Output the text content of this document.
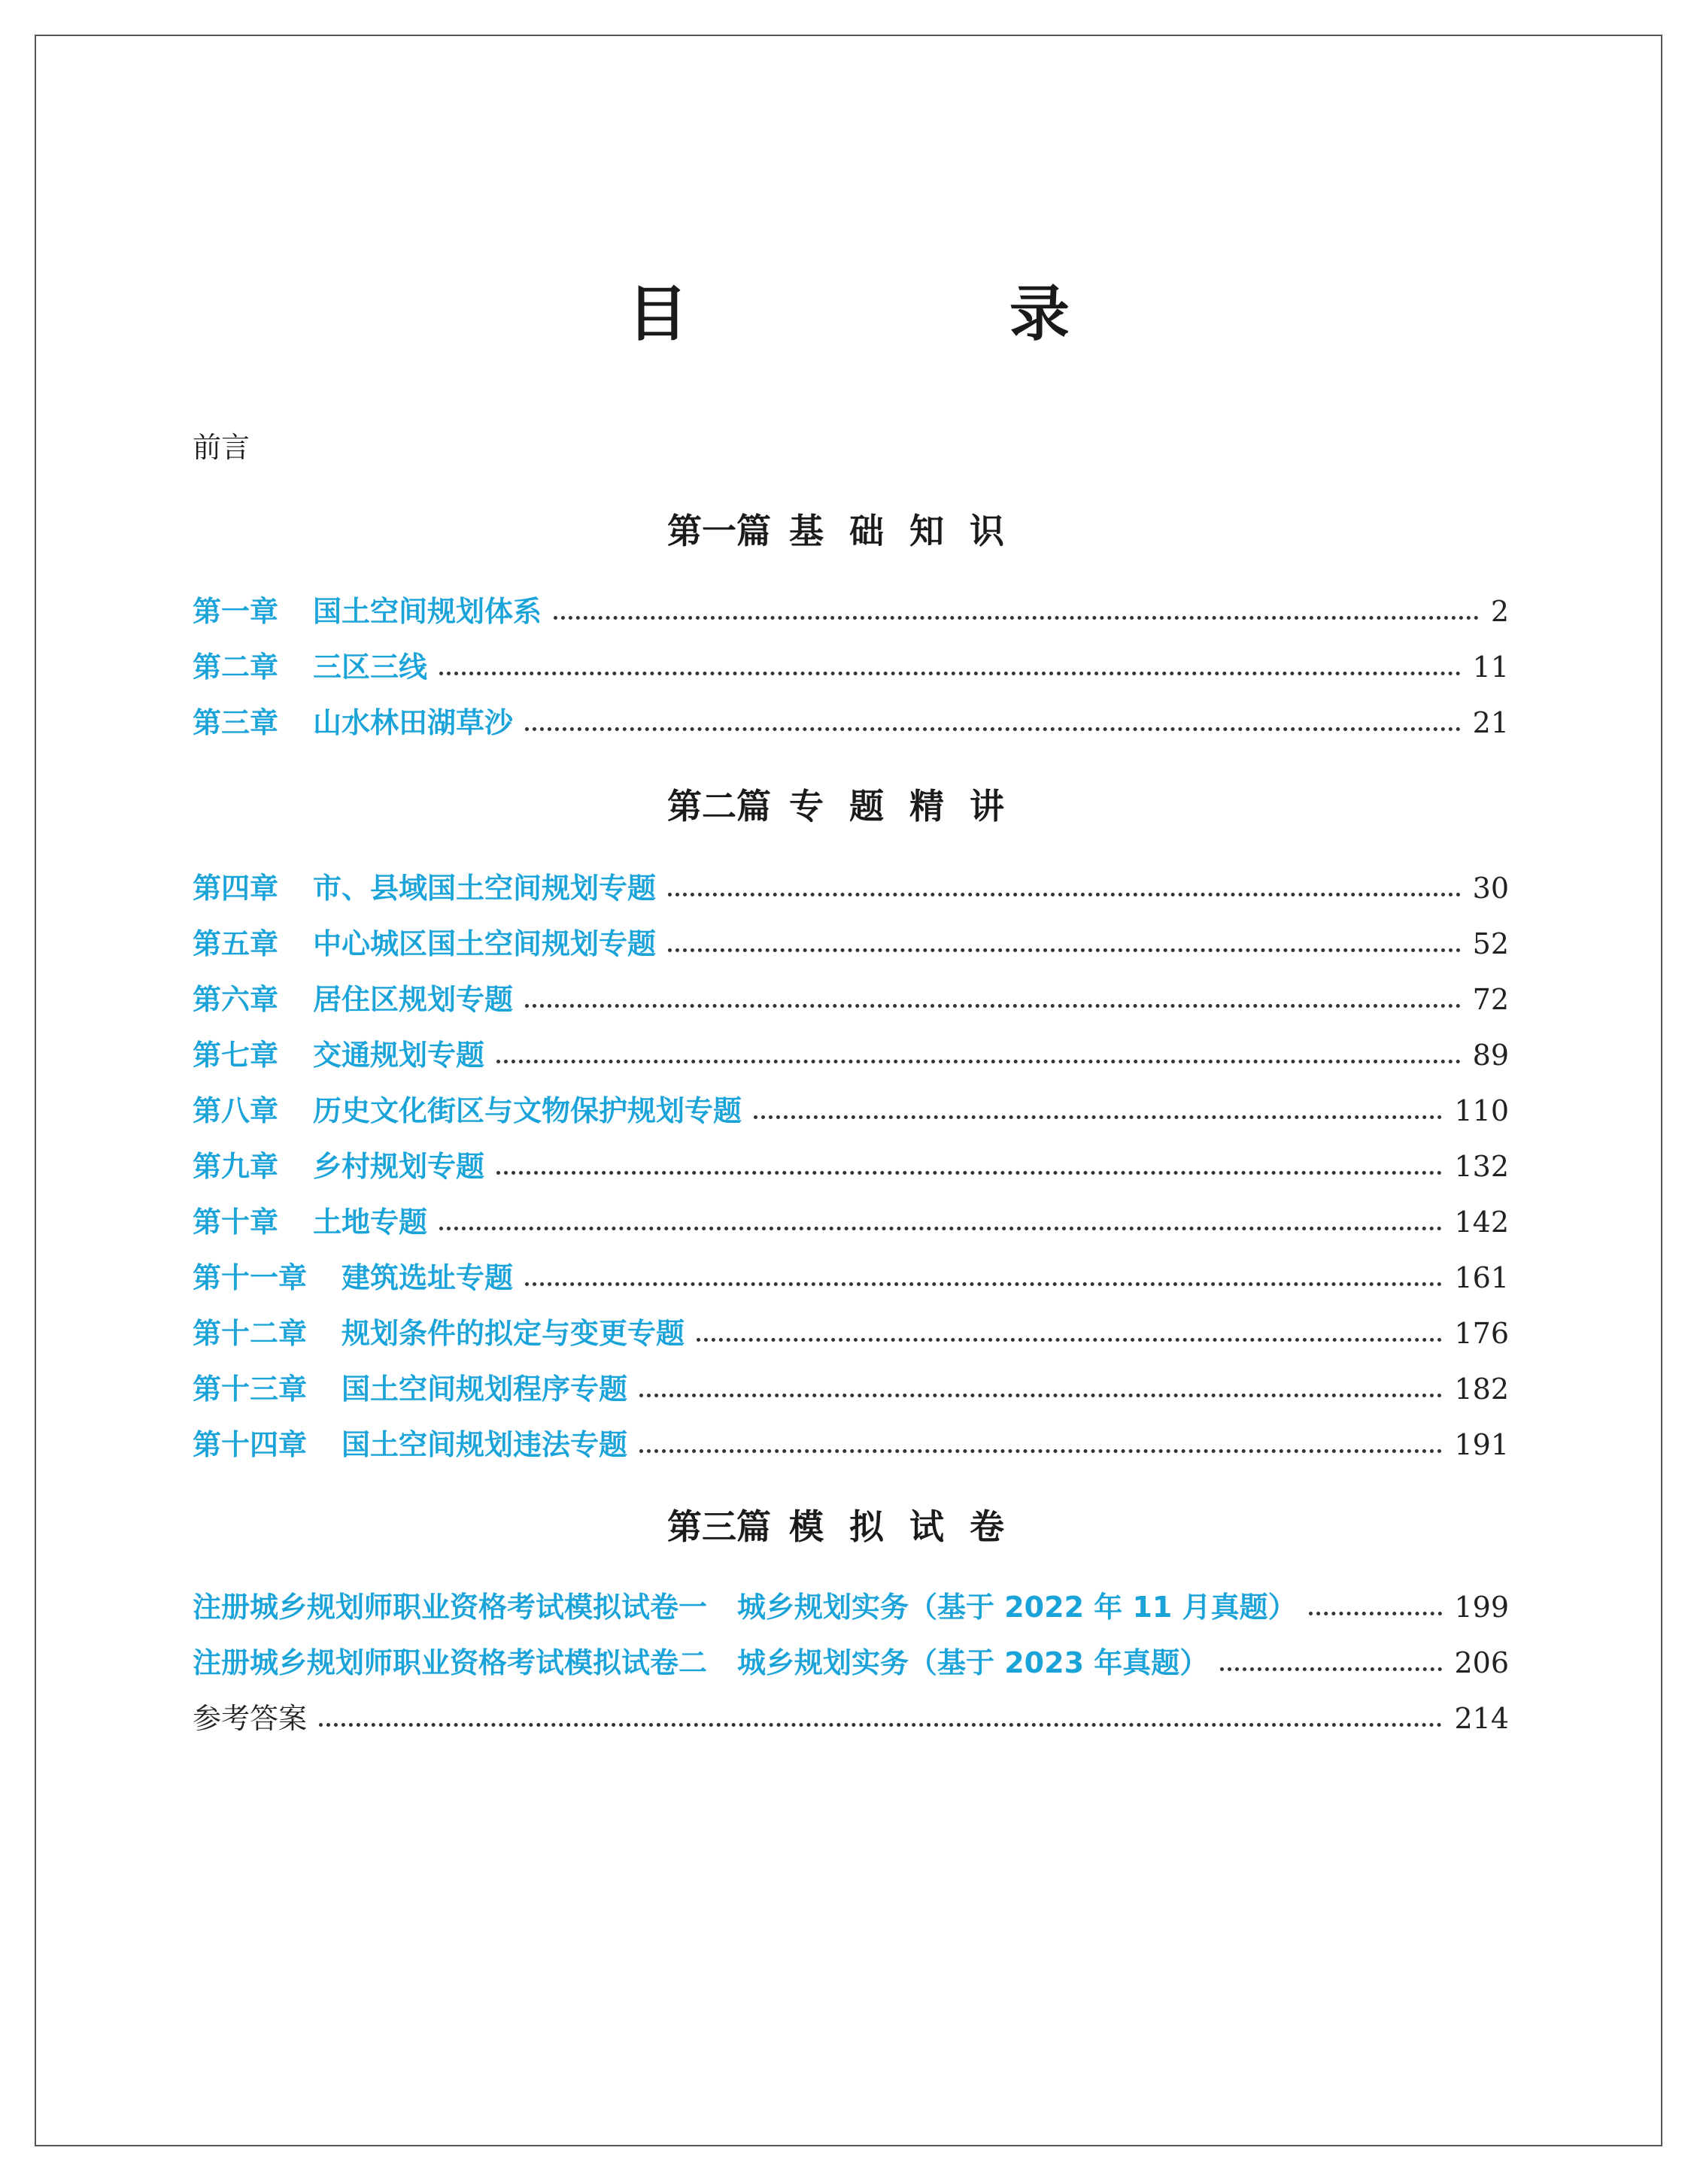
目 录
前言
第一篇 基础知识
第一章 国土空间规划体系	2
第二章 三区三线	11
第三章 山水林田湖草沙	21
第二篇 专题精讲
第四章 市、县域国土空间规划专题	30
第五章 中心城区国土空间规划专题	52
第六章 居住区规划专题	72
第七章 交通规划专题	89
第八章 历史文化街区与文物保护规划专题	110
第九章 乡村规划专题	132
第十章 土地专题	142
第十一章 建筑选址专题	161
第十二章 规划条件的拟定与变更专题	176
第十三章 国土空间规划程序专题	182
第十四章 国土空间规划违法专题	191
第三篇 模拟试卷
注册城乡规划师职业资格考试模拟试卷一 城乡规划实务（基于 2022 年 11 月真题）	199
注册城乡规划师职业资格考试模拟试卷二 城乡规划实务（基于 2023 年真题）	206
参考答案	214
